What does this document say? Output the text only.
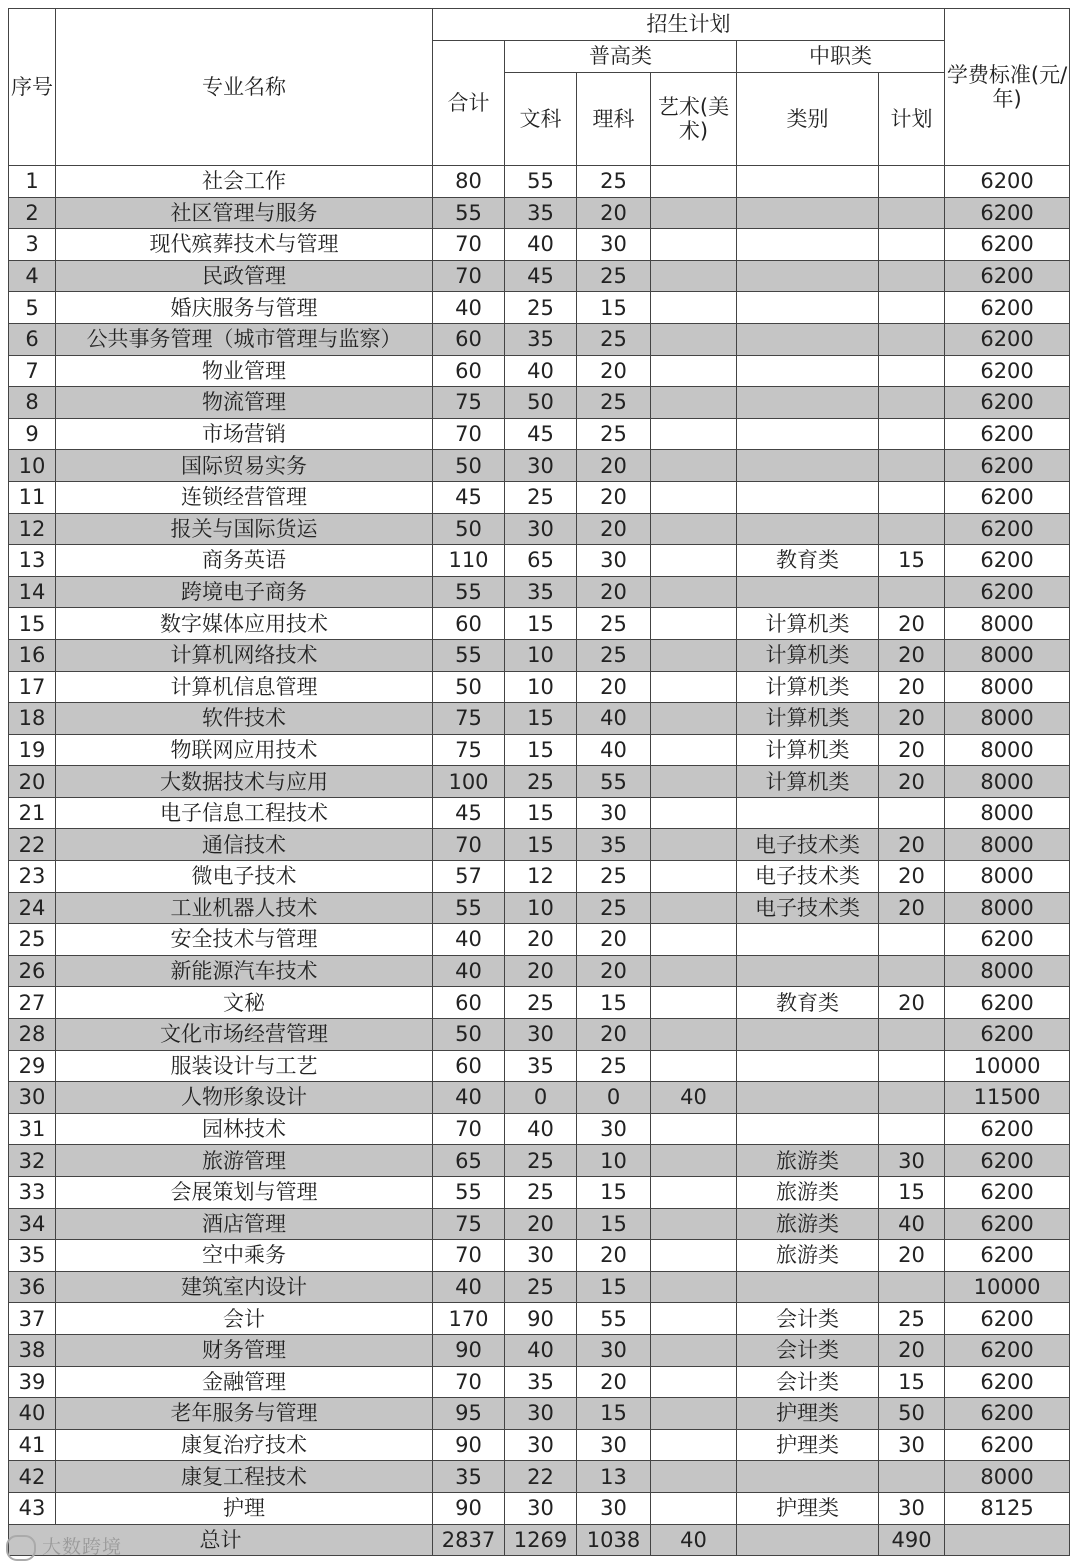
序号	专业名称	招生计划						学费标准(元/年)
		合计	普高类			中职类		
			文科	理科	艺术(美术)	类别	计划	
1	社会工作	80	55	25				6200
2	社区管理与服务	55	35	20				6200
3	现代殡葬技术与管理	70	40	30				6200
4	民政管理	70	45	25				6200
5	婚庆服务与管理	40	25	15				6200
6	公共事务管理（城市管理与监察）	60	35	25				6200
7	物业管理	60	40	20				6200
8	物流管理	75	50	25				6200
9	市场营销	70	45	25				6200
10	国际贸易实务	50	30	20				6200
11	连锁经营管理	45	25	20				6200
12	报关与国际货运	50	30	20				6200
13	商务英语	110	65	30		教育类	15	6200
14	跨境电子商务	55	35	20				6200
15	数字媒体应用技术	60	15	25		计算机类	20	8000
16	计算机网络技术	55	10	25		计算机类	20	8000
17	计算机信息管理	50	10	20		计算机类	20	8000
18	软件技术	75	15	40		计算机类	20	8000
19	物联网应用技术	75	15	40		计算机类	20	8000
20	大数据技术与应用	100	25	55		计算机类	20	8000
21	电子信息工程技术	45	15	30				8000
22	通信技术	70	15	35		电子技术类	20	8000
23	微电子技术	57	12	25		电子技术类	20	8000
24	工业机器人技术	55	10	25		电子技术类	20	8000
25	安全技术与管理	40	20	20				6200
26	新能源汽车技术	40	20	20				8000
27	文秘	60	25	15		教育类	20	6200
28	文化市场经营管理	50	30	20				6200
29	服装设计与工艺	60	35	25				10000
30	人物形象设计	40	0	0	40			11500
31	园林技术	70	40	30				6200
32	旅游管理	65	25	10		旅游类	30	6200
33	会展策划与管理	55	25	15		旅游类	15	6200
34	酒店管理	75	20	15		旅游类	40	6200
35	空中乘务	70	30	20		旅游类	20	6200
36	建筑室内设计	40	25	15				10000
37	会计	170	90	55		会计类	25	6200
38	财务管理	90	40	30		会计类	20	6200
39	金融管理	70	35	20		会计类	15	6200
40	老年服务与管理	95	30	15		护理类	50	6200
41	康复治疗技术	90	30	30		护理类	30	6200
42	康复工程技术	35	22	13				8000
43	护理	90	30	30		护理类	30	8125
总计		2837	1269	1038	40		490	
大数跨境
